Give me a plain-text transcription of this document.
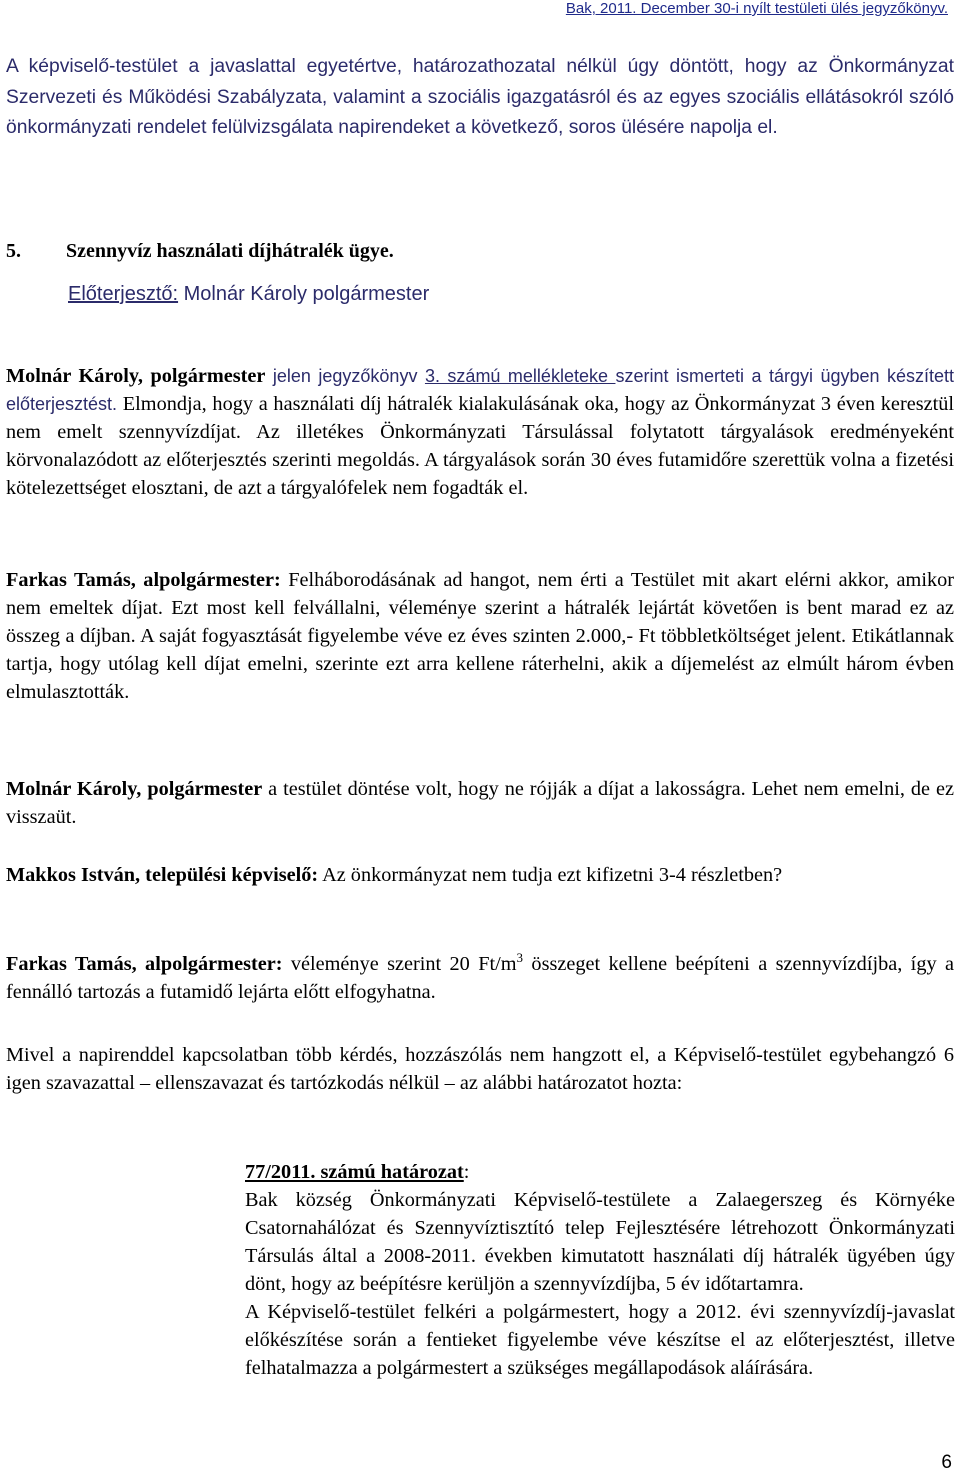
Bak, 2011. December 30-i nyílt testületi ülés jegyzőkönyv.
A képviselő-testület a javaslattal egyetértve, határozathozatal nélkül úgy döntött, hogy az Önkormányzat Szervezeti és Működési Szabályzata, valamint a szociális igazgatásról és az egyes szociális ellátásokról szóló önkormányzati rendelet felülvizsgálata napirendeket a következő, soros ülésére napolja el.
5. Szennyvíz használati díjhátralék ügye.
Előterjesztő: Molnár Károly polgármester
Molnár Károly, polgármester jelen jegyzőkönyv 3. számú mellékleteke szerint ismerteti a tárgyi ügyben készített előterjesztést. Elmondja, hogy a használati díj hátralék kialakulásának oka, hogy az Önkormányzat 3 éven keresztül nem emelt szennyvízdíjat. Az illetékes Önkormányzati Társulással folytatott tárgyalások eredményeként körvonalazódott az előterjesztés szerinti megoldás. A tárgyalások során 30 éves futamidőre szerettük volna a fizetési kötelezettséget elosztani, de azt a tárgyalófelek nem fogadták el.
Farkas Tamás, alpolgármester: Felháborodásának ad hangot, nem érti a Testület mit akart elérni akkor, amikor nem emeltek díjat. Ezt most kell felvállalni, véleménye szerint a hátralék lejártát követően is bent marad ez az összeg a díjban. A saját fogyasztását figyelembe véve ez éves szinten 2.000,- Ft többletköltséget jelent. Etikátlannak tartja, hogy utólag kell díjat emelni, szerinte ezt arra kellene ráterhelni, akik a díjemelést az elmúlt három évben elmulasztották.
Molnár Károly, polgármester a testület döntése volt, hogy ne rójják a díjat a lakosságra. Lehet nem emelni, de ez visszaüt.
Makkos István, települési képviselő: Az önkormányzat nem tudja ezt kifizetni 3-4 részletben?
Farkas Tamás, alpolgármester: véleménye szerint 20 $Ft/m^3$ összeget kellene beépíteni a szennyvízdíjba, így a fennálló tartozás a futamidő lejárta előtt elfogyhatna.
Mivel a napirenddel kapcsolatban több kérdés, hozzászólás nem hangzott el, a Képviselő-testület egybehangzó 6 igen szavazattal – ellenszavazat és tartózkodás nélkül – az alábbi határozatot hozta:
77/2011. számú határozat:
Bak község Önkormányzati Képviselő-testülete a Zalaegerszeg és Környéke Csatornahálózat és Szennyvíztisztító telep Fejlesztésére létrehozott Önkormányzati Társulás által a 2008-2011. években kimutatott használati díj hátralék ügyében úgy dönt, hogy az beépítésre kerüljön a szennyvízdíjba, 5 év időtartamra.
A Képviselő-testület felkéri a polgármestert, hogy a 2012. évi szennyvízdíj-javaslat előkészítése során a fentieket figyelembe véve készítse el az előterjesztést, illetve felhatalmazza a polgármestert a szükséges megállapodások aláírására.
6
